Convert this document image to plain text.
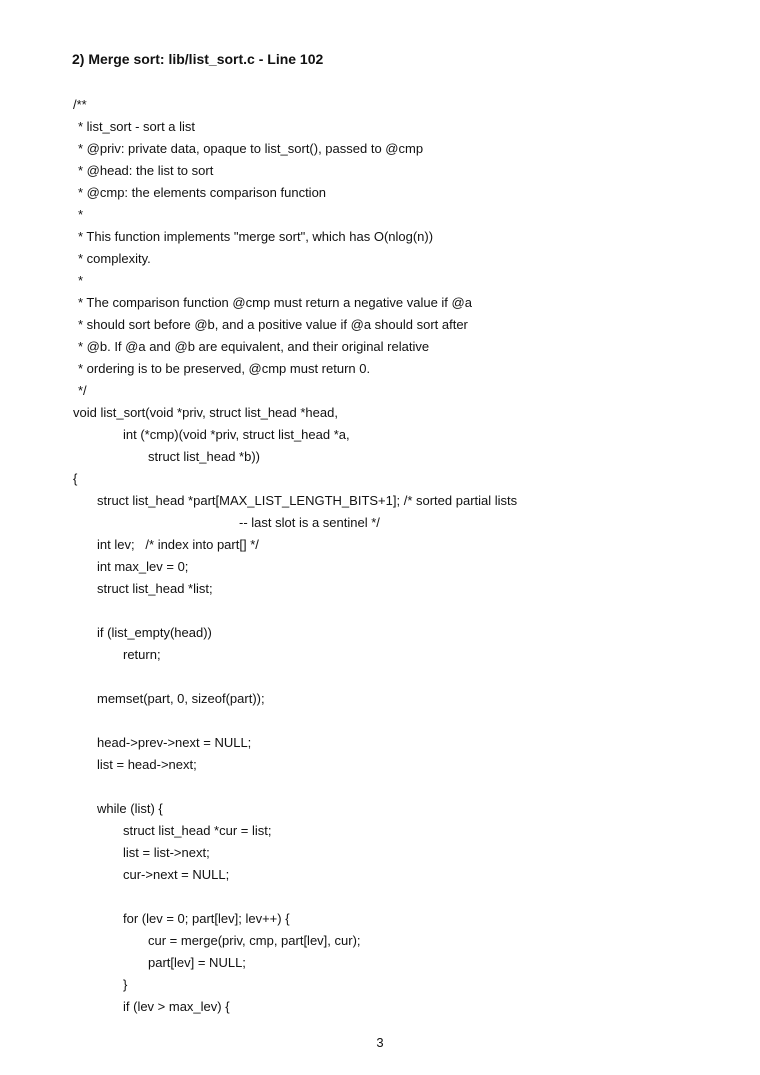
2) Merge sort: lib/list_sort.c - Line 102
/**
* list_sort - sort a list
* @priv: private data, opaque to list_sort(), passed to @cmp
* @head: the list to sort
* @cmp: the elements comparison function
*
* This function implements "merge sort", which has O(nlog(n))
* complexity.
*
* The comparison function @cmp must return a negative value if @a
* should sort before @b, and a positive value if @a should sort after
* @b. If @a and @b are equivalent, and their original relative
* ordering is to be preserved, @cmp must return 0.
*/
void list_sort(void *priv, struct list_head *head,
int (*cmp)(void *priv, struct list_head *a,
struct list_head *b))
{
struct list_head *part[MAX_LIST_LENGTH_BITS+1]; /* sorted partial lists
-- last slot is a sentinel */
int lev;   /* index into part[] */
int max_lev = 0;
struct list_head *list;
if (list_empty(head))
return;
memset(part, 0, sizeof(part));
head->prev->next = NULL;
list = head->next;
while (list) {
struct list_head *cur = list;
list = list->next;
cur->next = NULL;
for (lev = 0; part[lev]; lev++) {
cur = merge(priv, cmp, part[lev], cur);
part[lev] = NULL;
}
if (lev > max_lev) {
3
